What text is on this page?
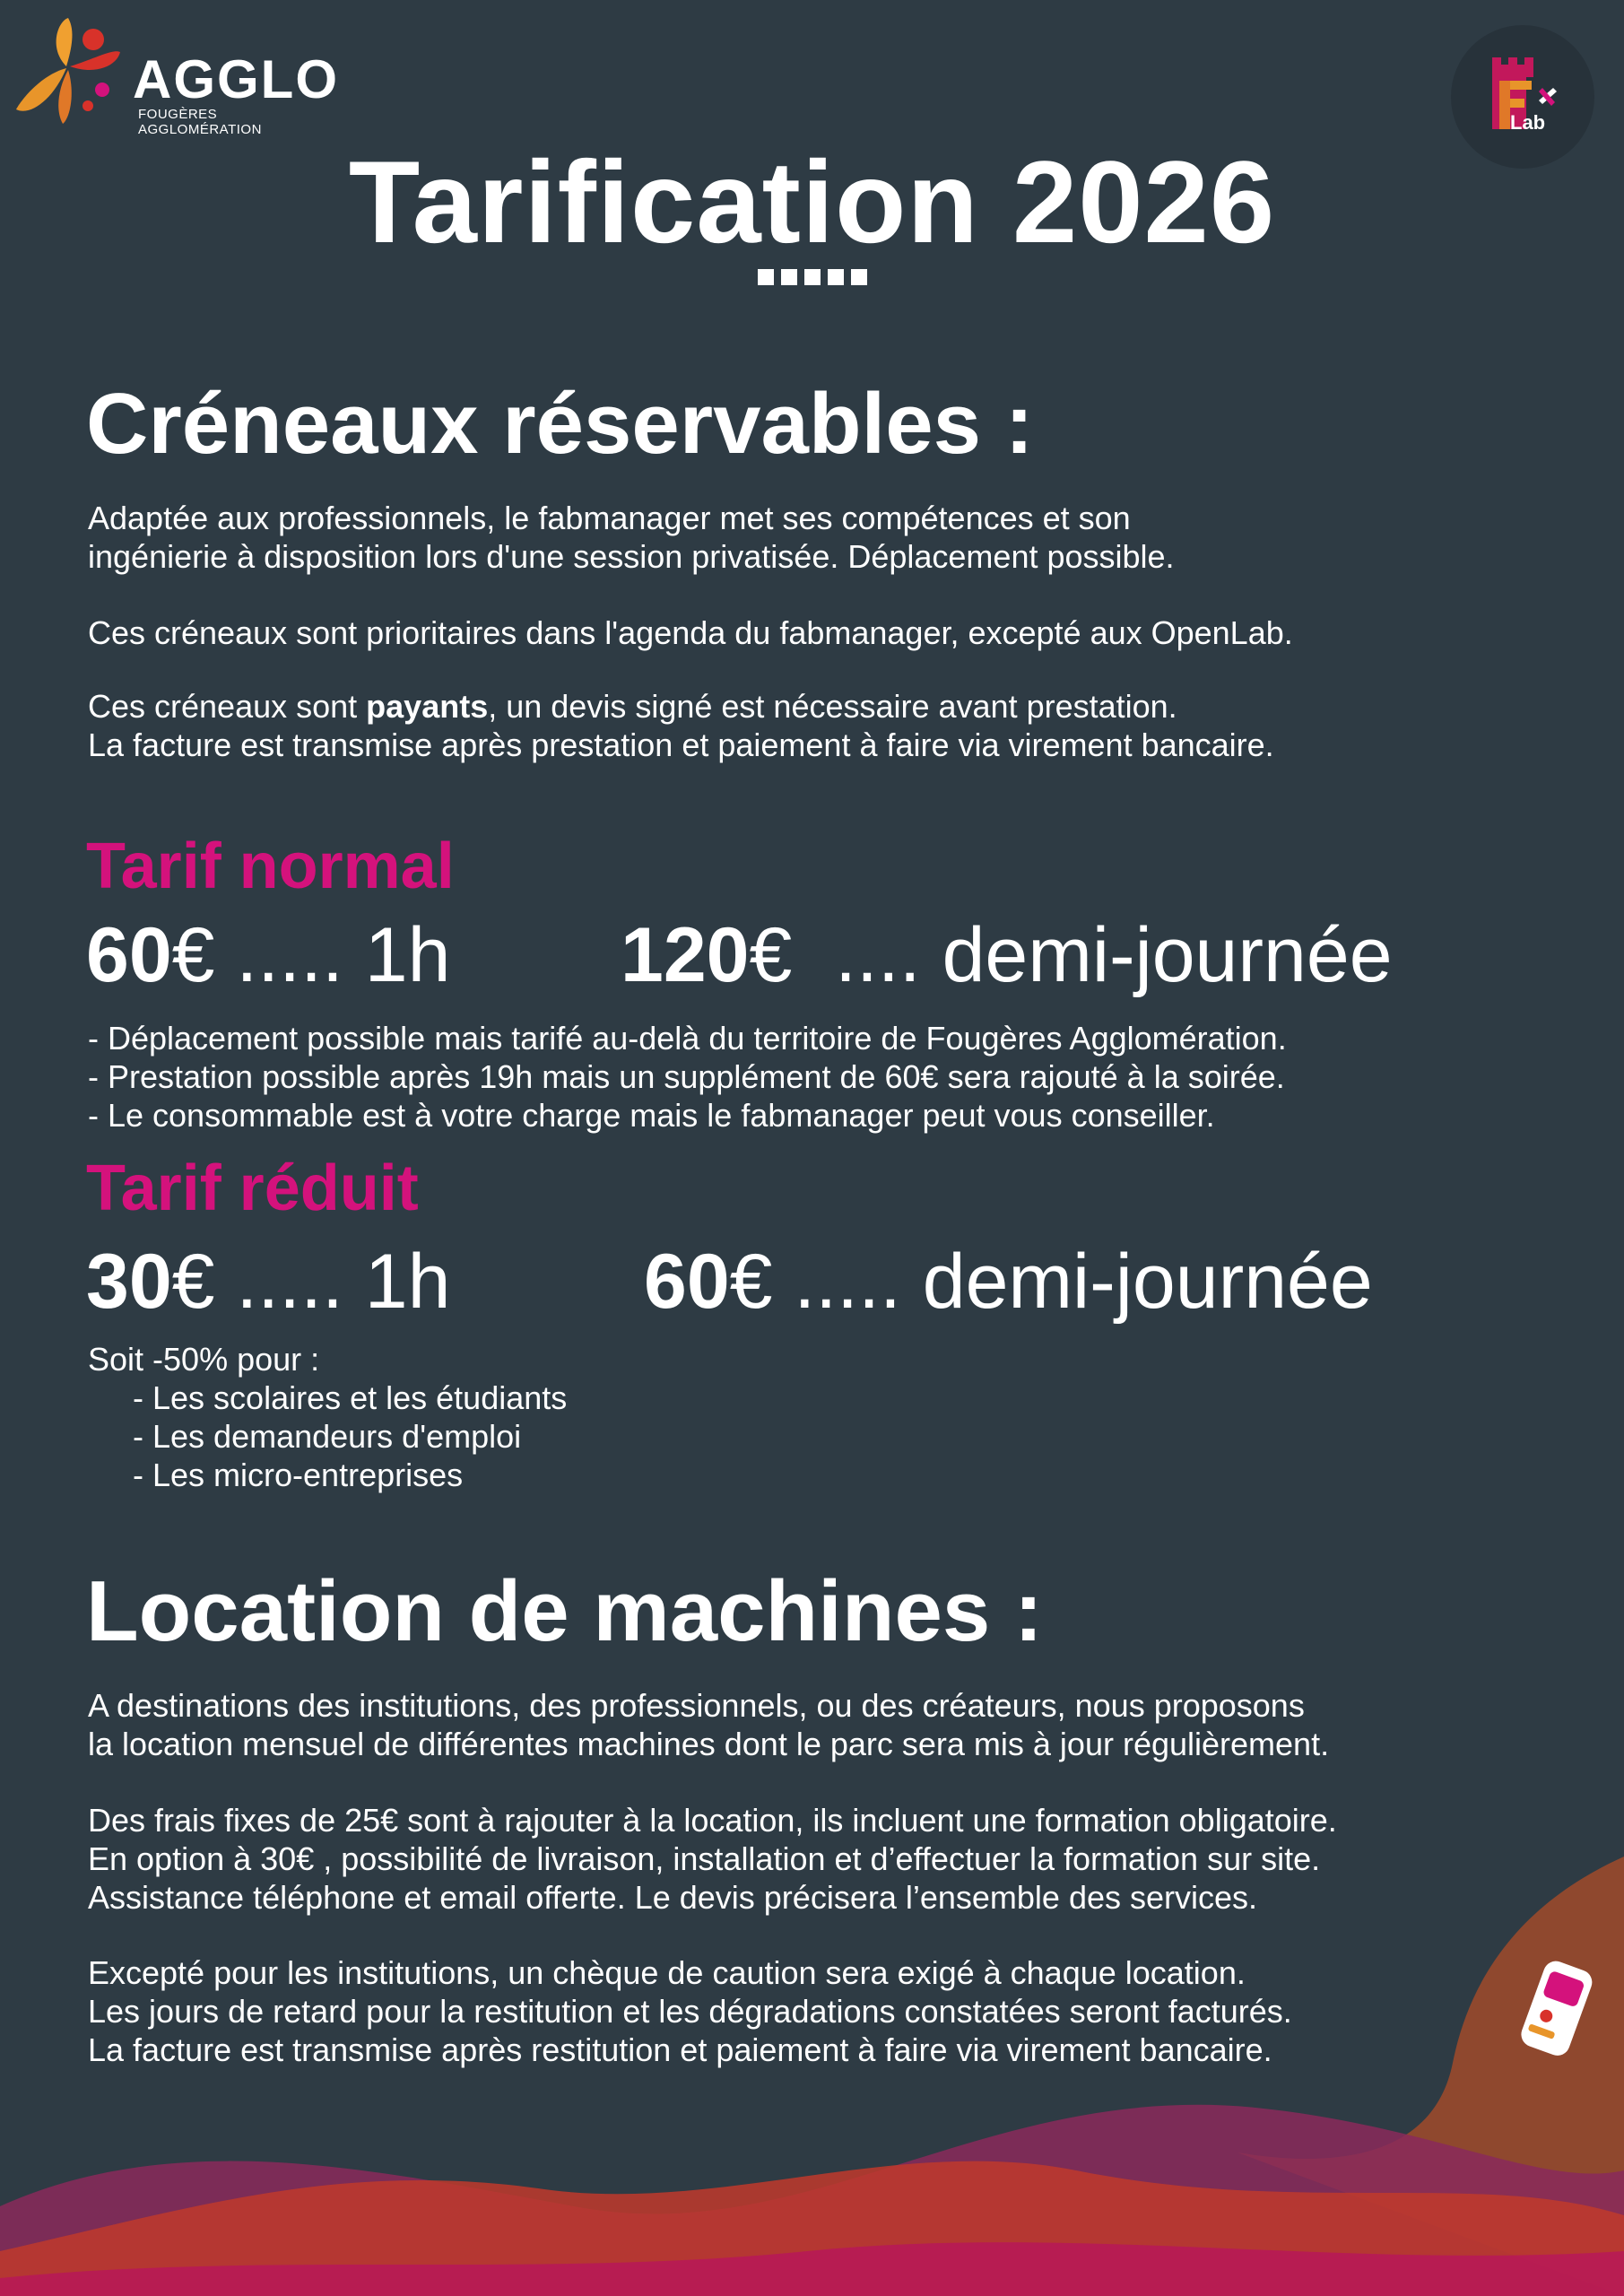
AGGLO
FOUGÈRES AGGLOMÉRATION	Lab
Tarification 2026
Créneaux réservables :
Adaptée aux professionnels, le fabmanager met ses compétences et son
ingénierie à disposition lors d'une session privatisée. Déplacement possible.
Ces créneaux sont prioritaires dans l'agenda du fabmanager, excepté aux OpenLab.
Ces créneaux sont payants, un devis signé est nécessaire avant prestation.
La facture est transmise après prestation et paiement à faire via virement bancaire.
Tarif normal
60€ ..... 1h 120€  .... demi-journée
- Déplacement possible mais tarifé au-delà du territoire de Fougères Agglomération.
- Prestation possible après 19h mais un supplément de 60€ sera rajouté à la soirée.
- Le consommable est à votre charge mais le fabmanager peut vous conseiller.
Tarif réduit
30€ ..... 1h	60€ ..... demi-journée
Soit -50% pour :
- Les scolaires et les étudiants
- Les demandeurs d'emploi
- Les micro-entreprises
Location de machines :
A destinations des institutions, des professionnels, ou des créateurs, nous proposons
la location mensuel de différentes machines dont le parc sera mis à jour régulièrement.
Des frais fixes de 25€ sont à rajouter à la location, ils incluent une formation obligatoire.
En option à 30€ , possibilité de livraison, installation et d’effectuer la formation sur site.
Assistance téléphone et email offerte. Le devis précisera l’ensemble des services.
Excepté pour les institutions, un chèque de caution sera exigé à chaque location.
Les jours de retard pour la restitution et les dégradations constatées seront facturés.
La facture est transmise après restitution et paiement à faire via virement bancaire.
